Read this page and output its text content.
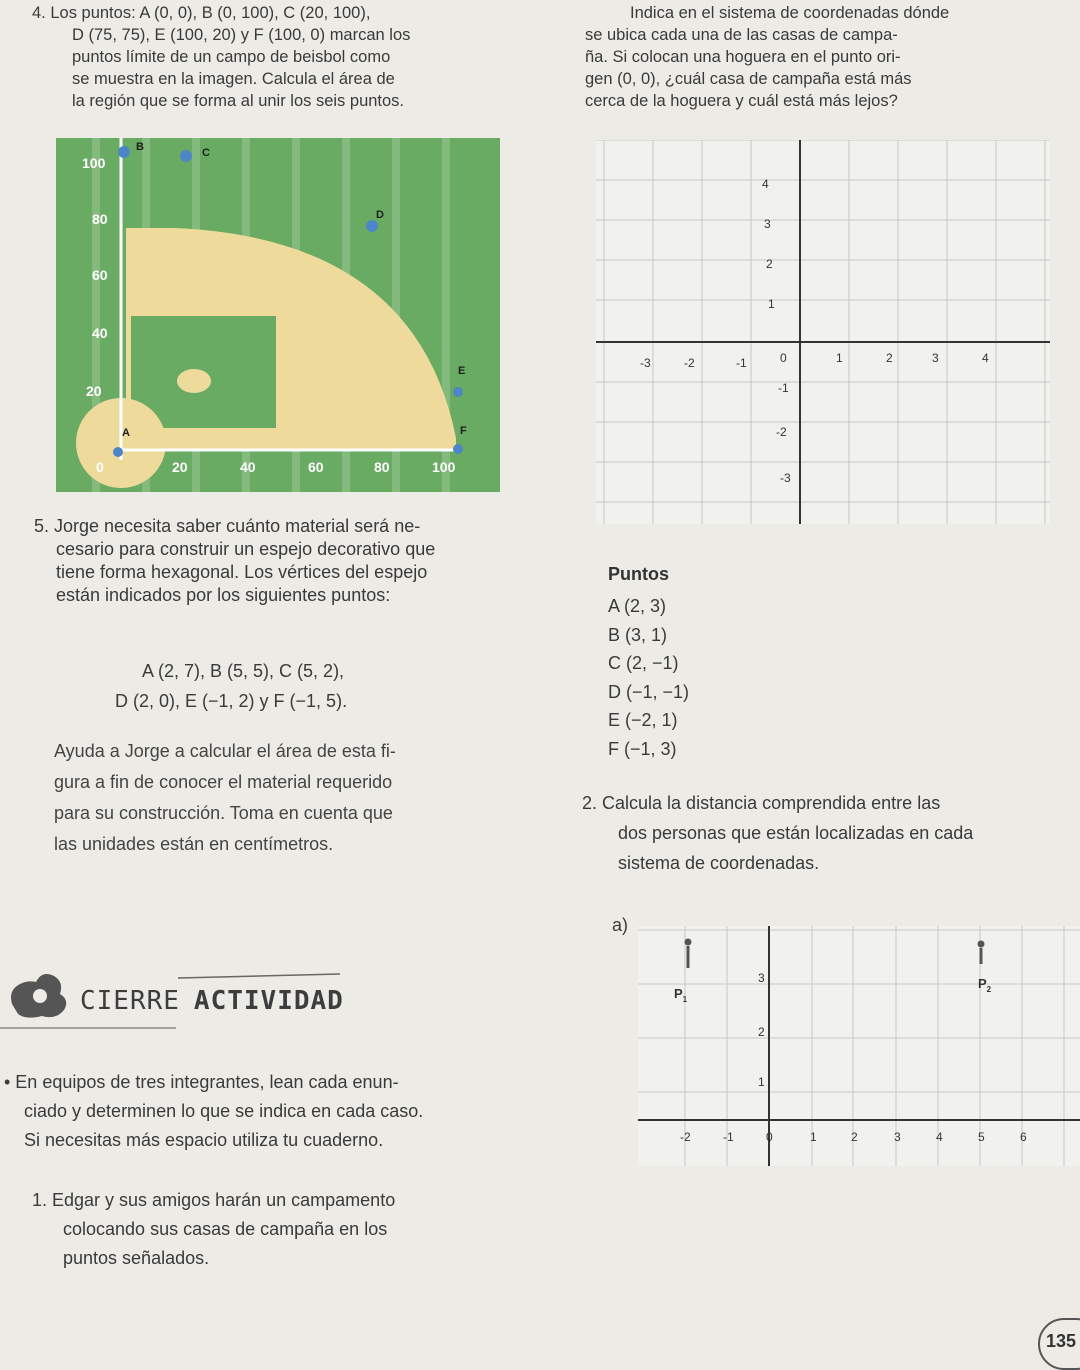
4. Los puntos: A (0, 0), B (0, 100), C (20, 100),
D (75, 75), E (100, 20) y F (100, 0) marcan los
puntos límite de un campo de beisbol como
se muestra en la imagen. Calcula el área de
la región que se forma al unir los seis puntos.
Indica en el sistema de coordenadas dónde
se ubica cada una de las casas de campa-
ña. Si colocan una hoguera en el punto ori-
gen (0, 0), ¿cuál casa de campaña está más
cerca de la hoguera y cuál está más lejos?
100
80
60
40
20
0	20	40	60	80	100
A
B	C
D
E
F
-3	-2	-1	0	1	2	3	4
4
3
2
1
-1
-2
-3
5. Jorge necesita saber cuánto material será ne-
cesario para construir un espejo decorativo que
tiene forma hexagonal. Los vértices del espejo
están indicados por los siguientes puntos:
A (2, 7), B (5, 5), C (5, 2),
D (2, 0), E (−1, 2) y F (−1, 5).
Ayuda a Jorge a calcular el área de esta fi-
gura a fin de conocer el material requerido
para su construcción. Toma en cuenta que
las unidades están en centímetros.
Puntos
A (2, 3)
B (3, 1)
C (2, −1)
D (−1, −1)
E (−2, 1)
F (−1, 3)
2. Calcula la distancia comprendida entre las
dos personas que están localizadas en cada
sistema de coordenadas.
a)
-2	-1	0	1	2	3	4	5	6
3
2
1
$P_1$
$P_2$
CIERRE ACTIVIDAD
• En equipos de tres integrantes, lean cada enun-
ciado y determinen lo que se indica en cada caso.
Si necesitas más espacio utiliza tu cuaderno.
1. Edgar y sus amigos harán un campamento
colocando sus casas de campaña en los
puntos señalados.
135
